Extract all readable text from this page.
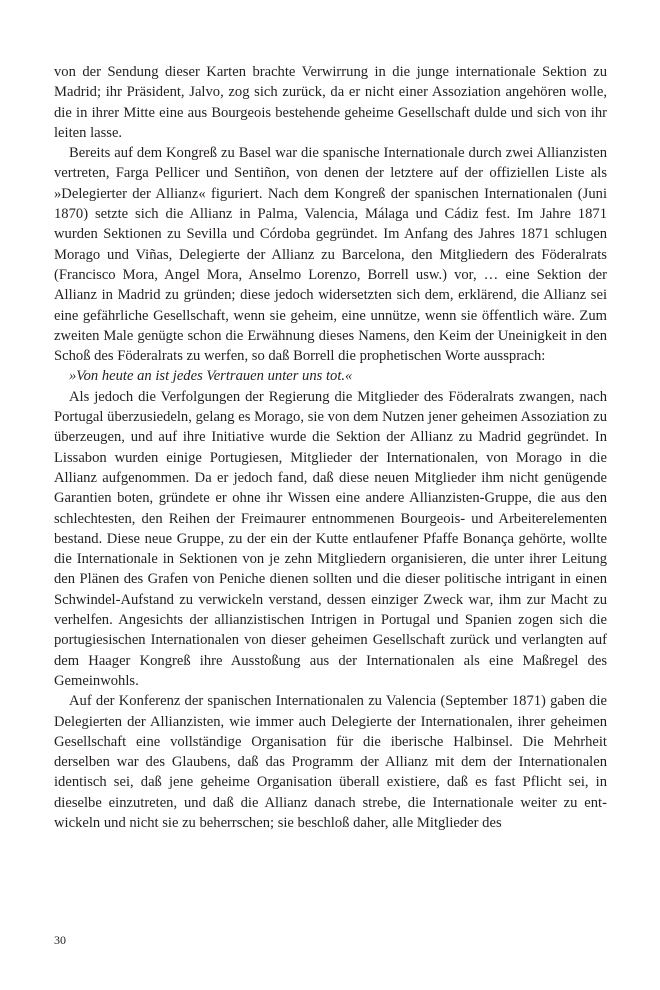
von der Sendung dieser Karten brachte Verwirrung in die junge internationale Sektion zu Madrid; ihr Präsident, Jalvo, zog sich zurück, da er nicht einer Assoziation angehören wolle, die in ihrer Mitte eine aus Bourgeois bestehende geheime Gesellschaft dulde und sich von ihr leiten lasse.

Bereits auf dem Kongreß zu Basel war die spanische Internationale durch zwei Allianzisten vertreten, Farga Pellicer und Sentiñon, von denen der letztere auf der offiziellen Liste als »Delegierter der Allianz« figuriert. Nach dem Kongreß der spanischen Internationalen (Juni 1870) setzte sich die Allianz in Palma, Valencia, Málaga und Cádiz fest. Im Jahre 1871 wurden Sektionen zu Sevilla und Córdoba gegründet. Im Anfang des Jahres 1871 schlugen Morago und Viñas, Delegierte der Allianz zu Barcelona, den Mitgliedern des Föderalrats (Francisco Mora, Angel Mora, Anselmo Lorenzo, Borrell usw.) vor, … eine Sektion der Allianz in Madrid zu gründen; diese jedoch widersetzten sich dem, erklärend, die Allianz sei eine gefährliche Gesellschaft, wenn sie geheim, eine unnütze, wenn sie öffentlich wäre. Zum zweiten Male genügte schon die Erwähnung dieses Namens, den Keim der Uneinigkeit in den Schoß des Föderalrats zu werfen, so daß Borrell die prophetischen Worte aussprach:

»Von heute an ist jedes Vertrauen unter uns tot.«

Als jedoch die Verfolgungen der Regierung die Mitglieder des Föderalrats zwangen, nach Portugal überzusiedeln, gelang es Morago, sie von dem Nutzen jener geheimen Assoziation zu überzeugen, und auf ihre Initiative wurde die Sektion der Allianz zu Madrid gegründet. In Lissabon wurden einige Portugiesen, Mitglieder der Internationalen, von Morago in die Allianz aufgenommen. Da er jedoch fand, daß diese neuen Mitglieder ihm nicht genügende Garantien boten, gründete er ohne ihr Wissen eine andere Allianzisten-Gruppe, die aus den schlechtesten, den Reihen der Freimaurer entnommenen Bourgeois- und Arbeiterelementen bestand. Diese neue Gruppe, zu der ein der Kutte entlaufener Pfaffe Bonança gehörte, wollte die Internationale in Sektionen von je zehn Mitgliedern organisieren, die unter ihrer Leitung den Plänen des Grafen von Peniche dienen sollten und die dieser politische intrigant in einen Schwindel-Aufstand zu verwickeln verstand, dessen einziger Zweck war, ihm zur Macht zu verhelfen. Angesichts der allianzistischen Intrigen in Portugal und Spanien zogen sich die portugiesischen Internationalen von dieser geheimen Gesellschaft zurück und verlangten auf dem Haager Kongreß ihre Ausstoßung aus der Internationalen als eine Maßregel des Gemeinwohls.

Auf der Konferenz der spanischen Internationalen zu Valencia (September 1871) gaben die Delegierten der Allianzisten, wie immer auch Delegierte der Internationalen, ihrer geheimen Gesellschaft eine vollständige Organisation für die iberische Halbinsel. Die Mehrheit derselben war des Glaubens, daß das Programm der Allianz mit dem der Internationalen identisch sei, daß jene geheime Organisation überall existiere, daß es fast Pflicht sei, in dieselbe einzutreten, und daß die Allianz danach strebe, die Internationale weiter zu entwickeln und nicht sie zu beherrschen; sie beschloß daher, alle Mitglieder des

30
